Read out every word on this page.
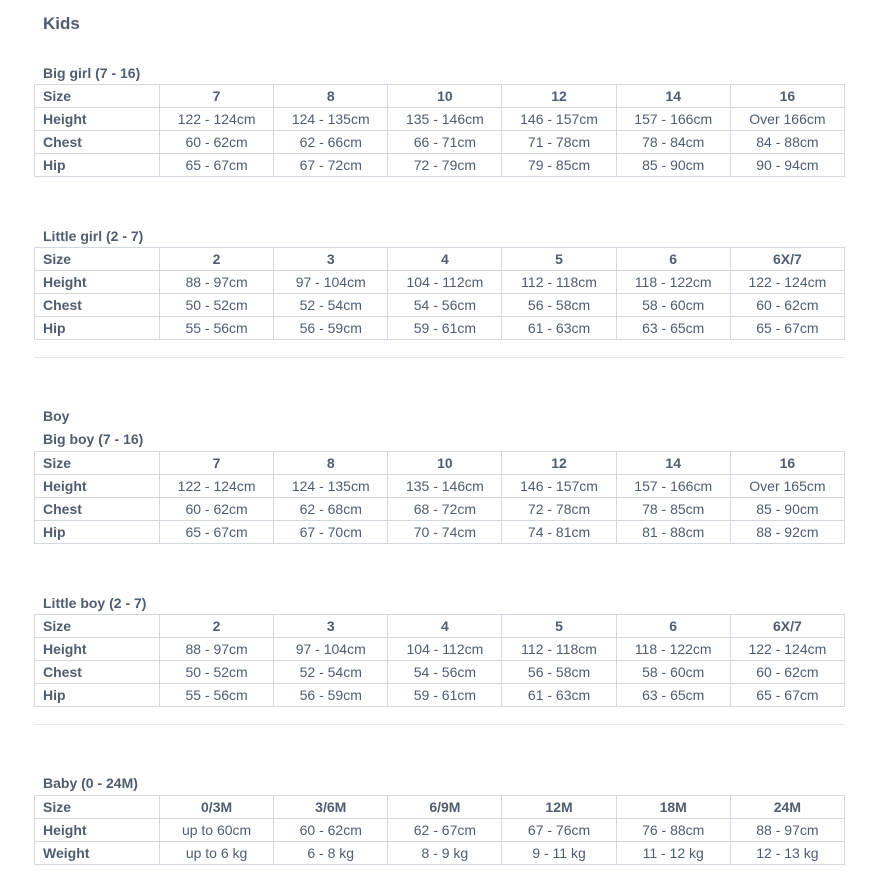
Kids
Big girl (7 - 16)
Size	7	8	10	12	14	16
Height	122 - 124cm	124 - 135cm	135 - 146cm	146 - 157cm	157 - 166cm	Over 166cm
Chest	60 - 62cm	62 - 66cm	66 - 71cm	71 - 78cm	78 - 84cm	84 - 88cm
Hip	65 - 67cm	67 - 72cm	72 - 79cm	79 - 85cm	85 - 90cm	90 - 94cm
Little girl (2 - 7)
Size	2	3	4	5	6	6X/7
Height	88 - 97cm	97 - 104cm	104 - 112cm	112 - 118cm	118 - 122cm	122 - 124cm
Chest	50 - 52cm	52 - 54cm	54 - 56cm	56 - 58cm	58 - 60cm	60 - 62cm
Hip	55 - 56cm	56 - 59cm	59 - 61cm	61 - 63cm	63 - 65cm	65 - 67cm
Boy
Big boy (7 - 16)
Size	7	8	10	12	14	16
Height	122 - 124cm	124 - 135cm	135 - 146cm	146 - 157cm	157 - 166cm	Over 165cm
Chest	60 - 62cm	62 - 68cm	68 - 72cm	72 - 78cm	78 - 85cm	85 - 90cm
Hip	65 - 67cm	67 - 70cm	70 - 74cm	74 - 81cm	81 - 88cm	88 - 92cm
Little boy (2 - 7)
Size	2	3	4	5	6	6X/7
Height	88 - 97cm	97 - 104cm	104 - 112cm	112 - 118cm	118 - 122cm	122 - 124cm
Chest	50 - 52cm	52 - 54cm	54 - 56cm	56 - 58cm	58 - 60cm	60 - 62cm
Hip	55 - 56cm	56 - 59cm	59 - 61cm	61 - 63cm	63 - 65cm	65 - 67cm
Baby (0 - 24M)
Size	0/3M	3/6M	6/9M	12M	18M	24M
Height	up to 60cm	60 - 62cm	62 - 67cm	67 - 76cm	76 - 88cm	88 - 97cm
Weight	up to 6 kg	6 - 8 kg	8 - 9 kg	9 - 11 kg	11 - 12 kg	12 - 13 kg
